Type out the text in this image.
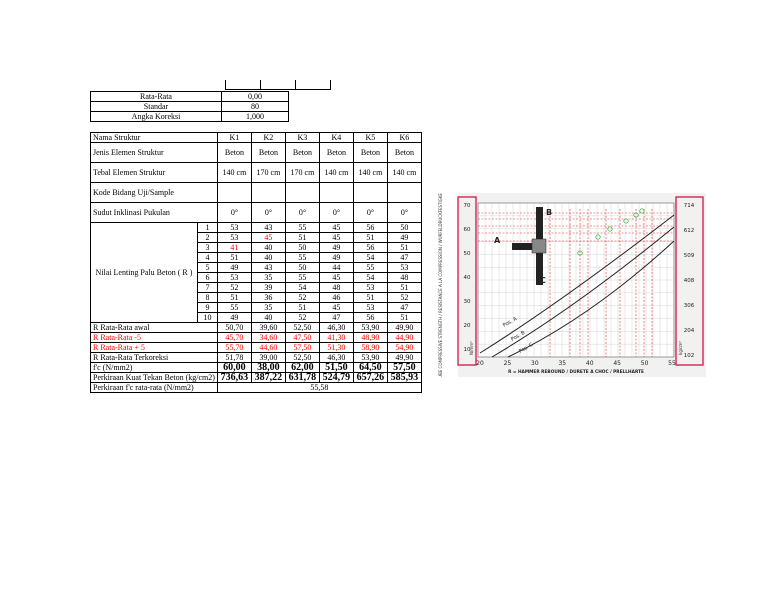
Rata-Rata	0,00
Standar	80
Angka Koreksi	1,000
Nama Struktur		K1	K2	K3	K4	K5	K6
Jenis Elemen Struktur		Beton	Beton	Beton	Beton	Beton	Beton
Tebal Elemen Struktur		140 cm	170 cm	170 cm	140 cm	140 cm	140 cm
Kode Bidang Uji/Sample							
Sudut Inklinasi Pukulan		0°	0°	0°	0°	0°	0°
Nilai Lenting Palu Beton ( R )	1	53	43	55	45	56	50
	2	53	45	51	45	51	49
	3	41	40	50	49	56	51
	4	51	40	55	49	54	47
	5	49	43	50	44	55	53
	6	53	35	55	45	54	48
	7	52	39	54	48	53	51
	8	51	36	52	46	51	52
	9	55	35	51	45	53	47
	10	49	40	52	47	56	51
R Rata-Rata awal		50,70	39,60	52,50	46,30	53,90	49,90
R Rata-Rata -5		45,70	34,60	47,50	41,30	48,90	44,90
R Rata-Rata + 5		55,70	44,60	57,50	51,30	58,90	54,90
R Rata-Rata Terkoreksi		51,78	39,00	52,50	46,30	53,90	49,90
f'c (N/mm2)		60,00	38,00	62,00	51,50	64,50	57,50
Perkiraan Kuat Tekan Beton (kg/cm2)		736,63	387,22	631,78	524,79	657,26	585,93
Perkiraan f'c rata-rata (N/mm2)		55,58					
Fr. CUBE COMPRESSIVE STRENGTH / RESISTANCE A LA COMPRESSION / WURFELDRUCKFESTIGKEIT	Pos. A
Pos. B
Pos. C
A
B
C
70
60
50
40
30
20
10
N/mm²
714
612
509
408
306
204
102
kg/cm²
20	25	30	35	40	45	50	55
R = HAMMER REBOUND / DURETE A CHOC / PRELLHARTE
